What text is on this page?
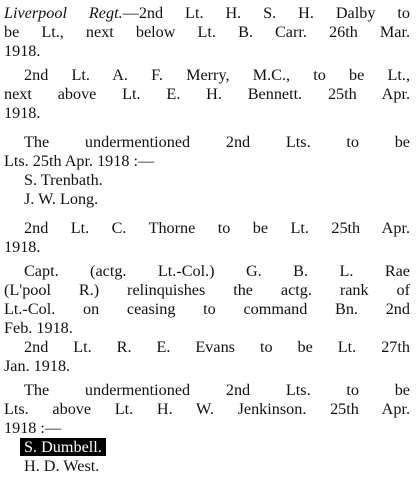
Liverpool Regt.—2nd Lt. H. S. H. Dalby to
be Lt., next below Lt. B. Carr. 26th Mar.
1918.
2nd Lt. A. F. Merry, M.C., to be Lt.,
next above Lt. E. H. Bennett. 25th Apr.
1918.
The undermentioned 2nd Lts. to be
Lts. 25th Apr. 1918 :—
S. Trenbath.
J. W. Long.
2nd Lt. C. Thorne to be Lt. 25th Apr.
1918.
Capt. (actg. Lt.-Col.) G. B. L. Rae
(L'pool R.) relinquishes the actg. rank of
Lt.-Col. on ceasing to command Bn. 2nd
Feb. 1918.
2nd Lt. R. E. Evans to be Lt. 27th
Jan. 1918.
The undermentioned 2nd Lts. to be
Lts. above Lt. H. W. Jenkinson. 25th Apr.
1918 :—
S. Dumbell.
H. D. West.
